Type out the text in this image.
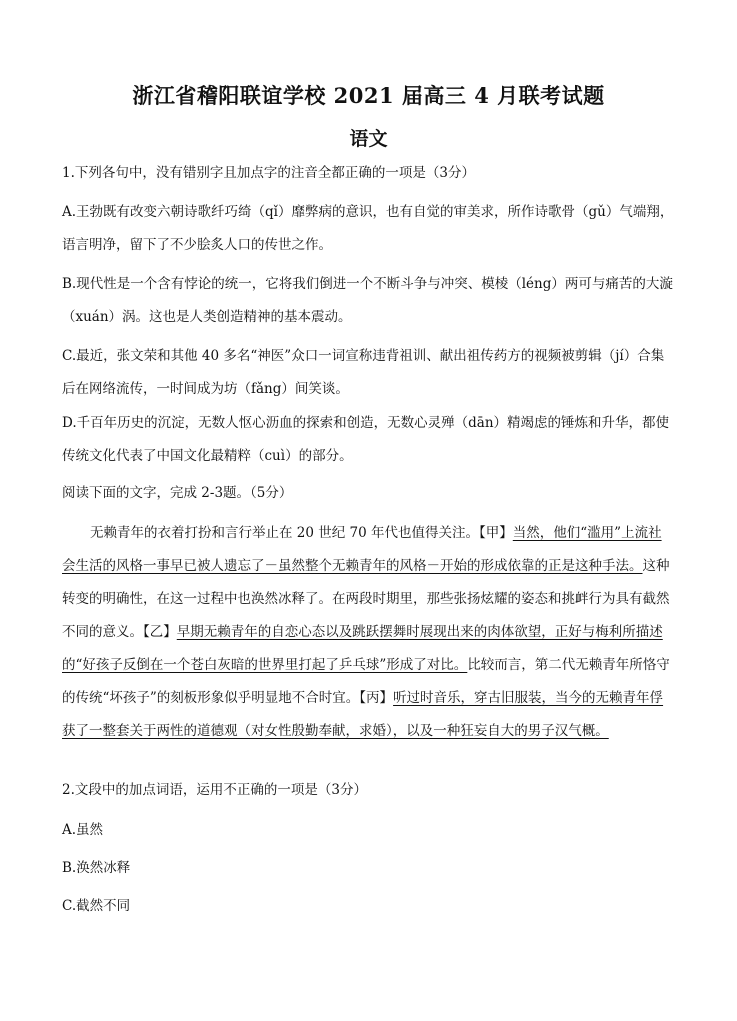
浙江省稽阳联谊学校 2021 届高三 4 月联考试题
语文
1.下列各句中，没有错别字且加点字的注音全都正确的一项是（3分）
A.王勃既有改变六朝诗歌纤巧绮（qǐ）靡弊病的意识，也有自觉的审美求，所作诗歌骨（gǔ）气端翔，语言明净，留下了不少脍炙人口的传世之作。
B.现代性是一个含有悖论的统一，它将我们倒进一个不断斗争与冲突、模棱（léng）两可与痛苦的大漩（xuán）涡。这也是人类创造精神的基本震动。
C.最近，张文荣和其他 40 多名“神医”众口一词宣称违背祖训、献出祖传药方的视频被剪辑（jí）合集后在网络流传，一时间成为坊（fǎng）间笑谈。
D.千百年历史的沉淀，无数人怄心沥血的探索和创造，无数心灵殚（dān）精竭虑的锤炼和升华，都使传统文化代表了中国文化最精粹（cuì）的部分。
阅读下面的文字，完成 2-3题。（5分）
无赖青年的衣着打扮和言行举止在 20 世纪 70 年代也值得关注。【甲】当然，他们“滥用”上流社会生活的风格一事早已被人遗忘了－虽然整个无赖青年的风格－开始的形成依靠的正是这种手法。这种转变的明确性，在这一过程中也涣然冰释了。在两段时期里，那些张扬炫耀的姿态和挑衅行为具有截然不同的意义。【乙】早期无赖青年的自恋心态以及跳跃摆舞时展现出来的肉体欲望，正好与梅利所描述的“好孩子反倒在一个苍白灰暗的世界里打起了乒乓球”形成了对比。比较而言，第二代无赖青年所恪守的传统“坏孩子”的刻板形象似乎明显地不合时宜。【丙】听过时音乐，穿古旧服装，当今的无赖青年俘获了一整套关于两性的道德观（对女性殷勤奉献，求婚），以及一种狂妄自大的男子汉气概。
2.文段中的加点词语，运用不正确的一项是（3分）
A.虽然
B.涣然冰释
C.截然不同
